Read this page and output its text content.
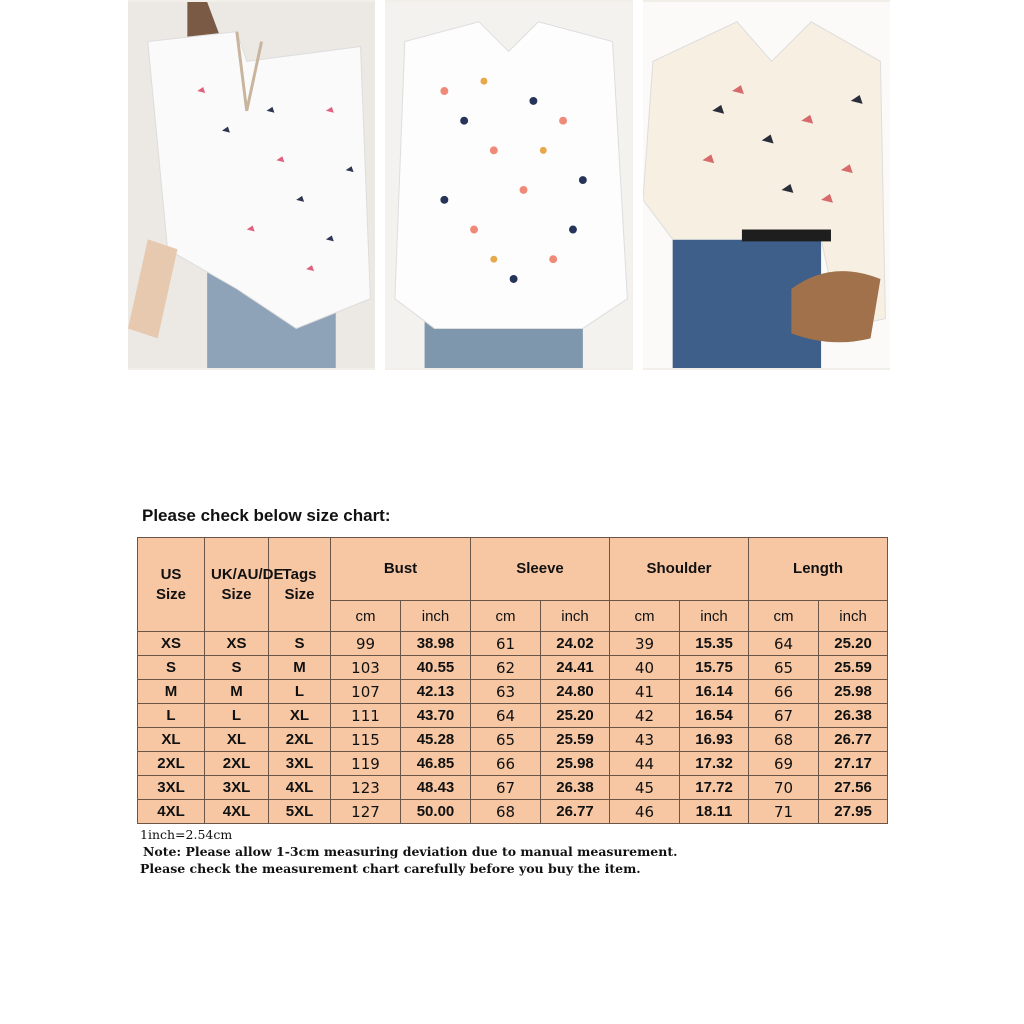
Please check below size chart:
US Size	UK/AU/DE Size	Tags Size	Bust		Sleeve		Shoulder		Length	
			cm	inch	cm	inch	cm	inch	cm	inch
XS	XS	S	99	38.98	61	24.02	39	15.35	64	25.20
S	S	M	103	40.55	62	24.41	40	15.75	65	25.59
M	M	L	107	42.13	63	24.80	41	16.14	66	25.98
L	L	XL	111	43.70	64	25.20	42	16.54	67	26.38
XL	XL	2XL	115	45.28	65	25.59	43	16.93	68	26.77
2XL	2XL	3XL	119	46.85	66	25.98	44	17.32	69	27.17
3XL	3XL	4XL	123	48.43	67	26.38	45	17.72	70	27.56
4XL	4XL	5XL	127	50.00	68	26.77	46	18.11	71	27.95
1inch=2.54cm
Note: Please allow 1-3cm measuring deviation due to manual measurement.
Please check the measurement chart carefully before you buy the item.
